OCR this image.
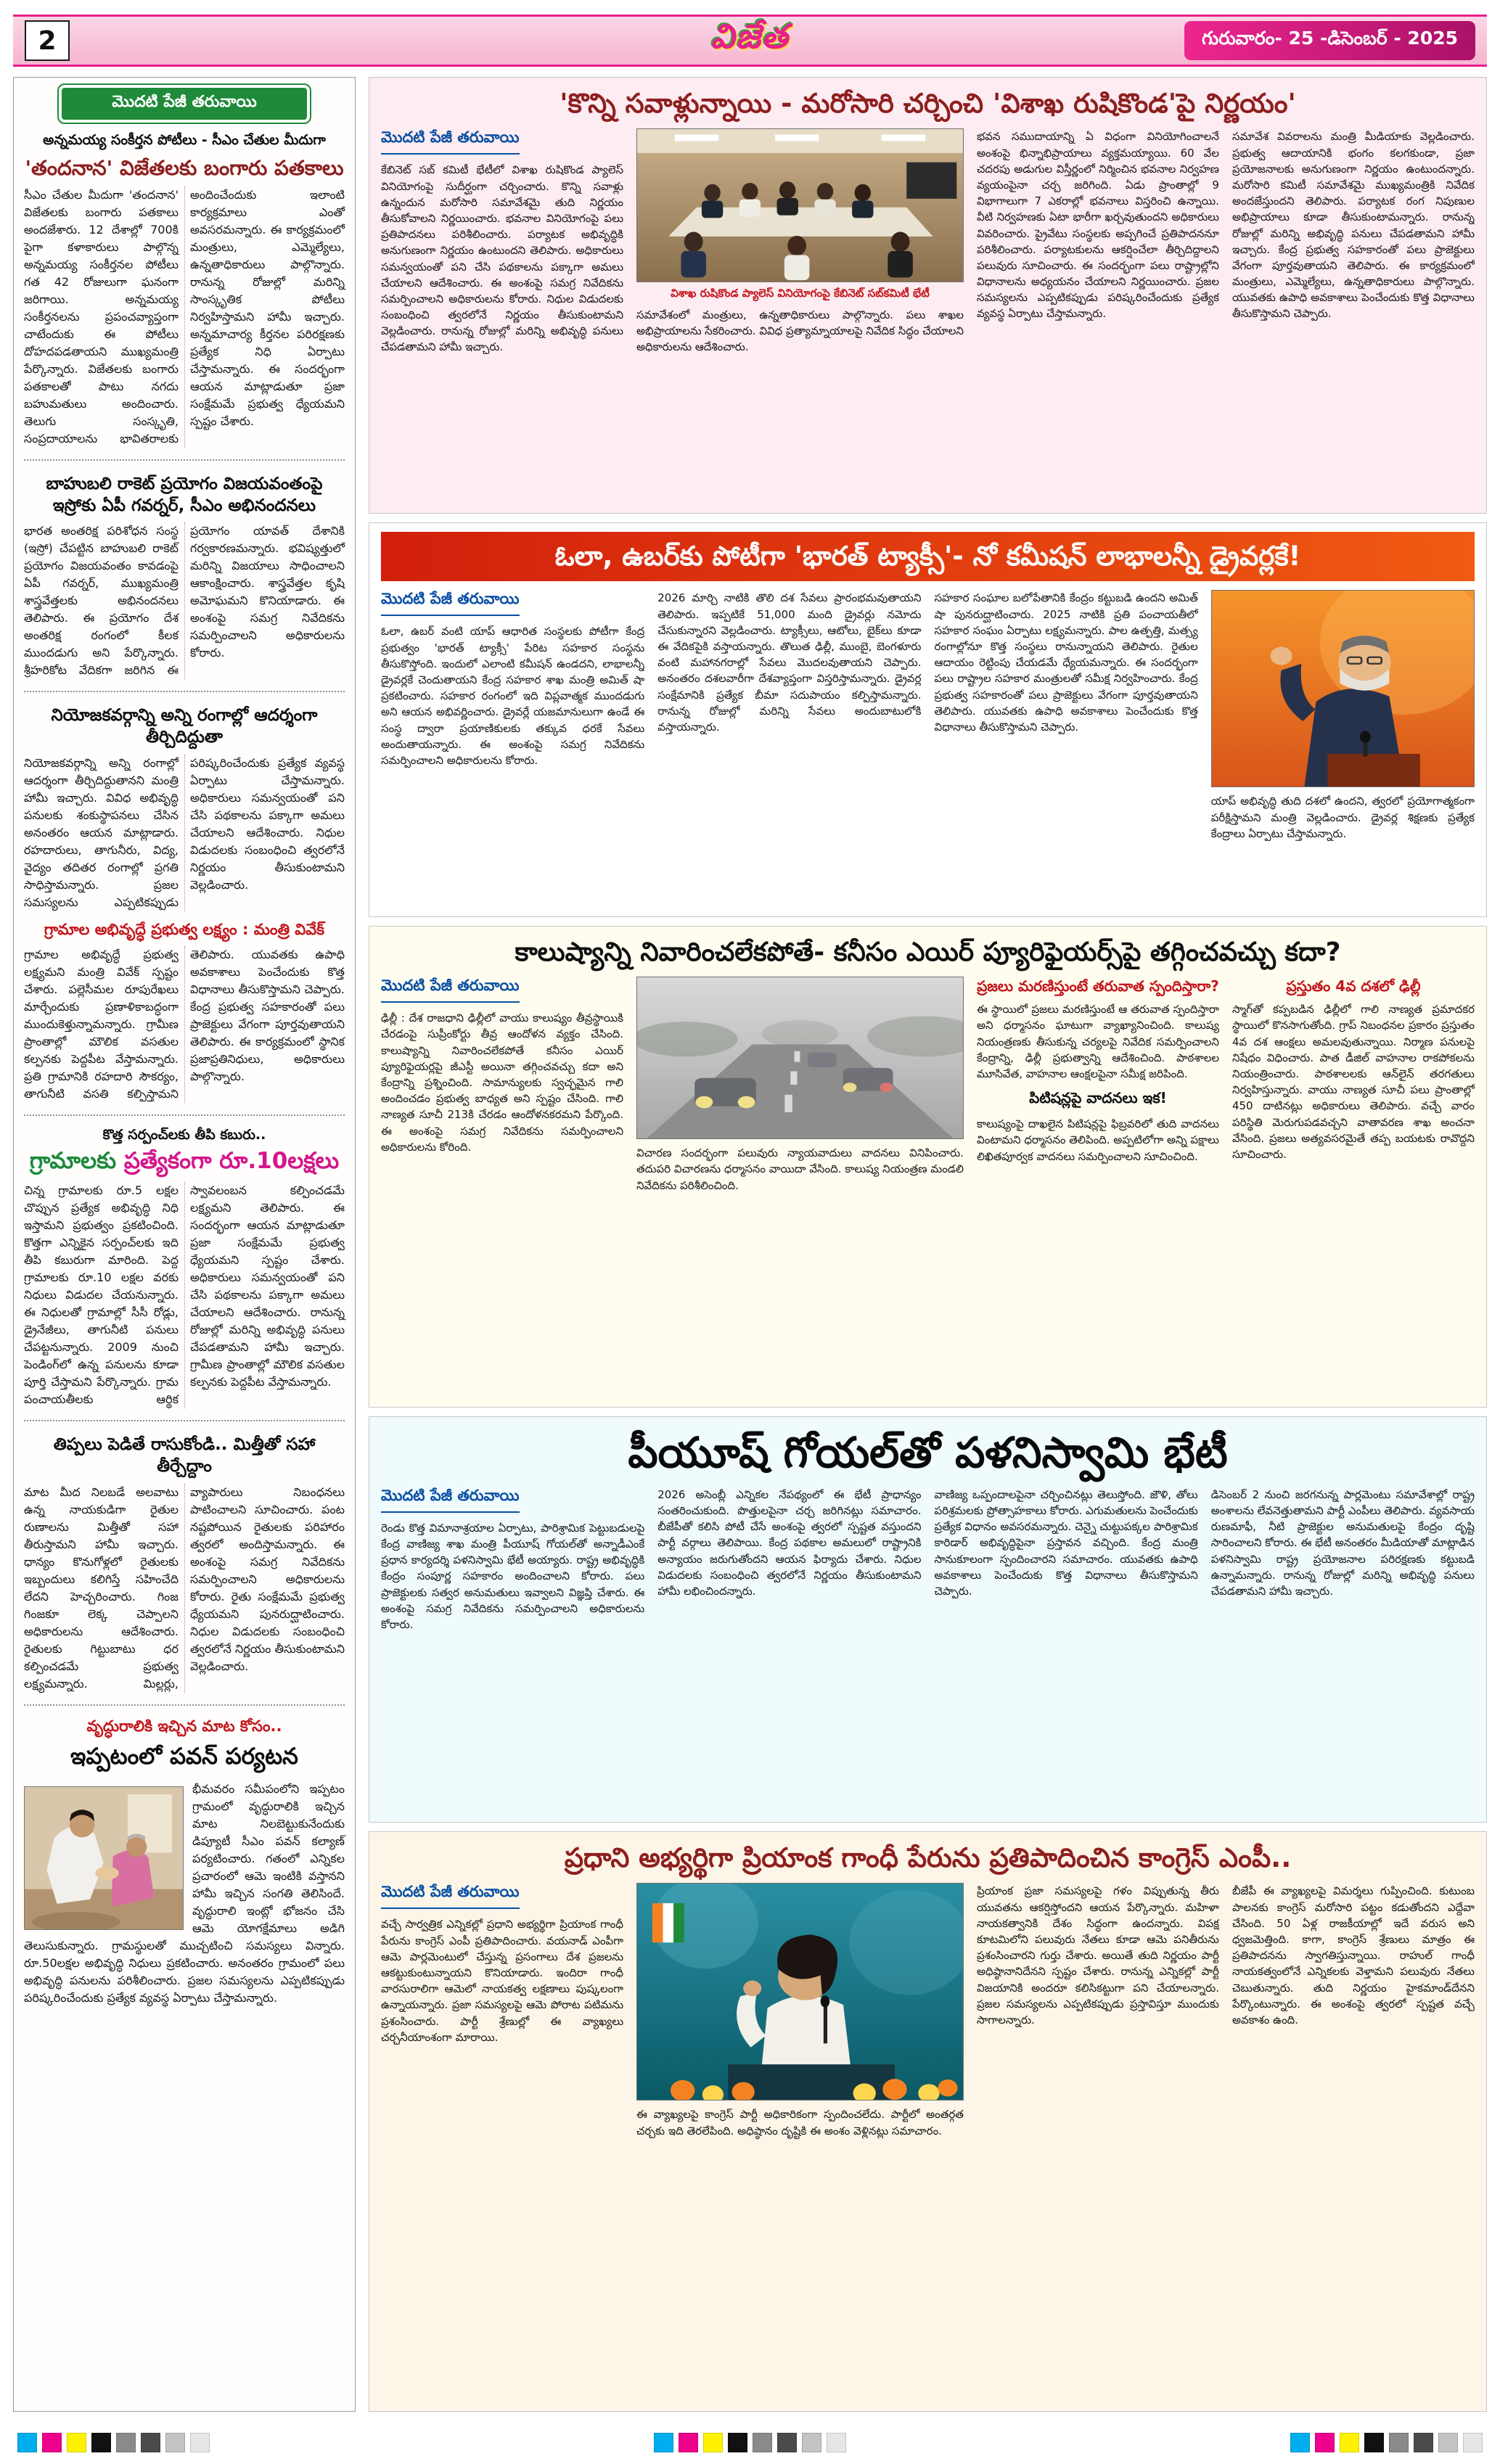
2	విజేత	గురువారం- 25 -డిసెంబర్ - 2025
మొదటి పేజీ తరువాయి
అన్నమయ్య సంకీర్తన పోటీలు - సీఎం చేతుల మీదుగా
'తందనాన' విజేతలకు బంగారు పతకాలు

సీఎం చేతుల మీదుగా 'తందనాన' విజేతలకు బంగారు పతకాలు అందజేశారు. 12 దేశాల్లో 700కి పైగా కళాకారులు పాల్గొన్న అన్నమయ్య సంకీర్తనల పోటీలు గత 42 రోజులుగా ఘనంగా జరిగాయి. అన్నమయ్య సంకీర్తనలను ప్రపంచవ్యాప్తంగా చాటేందుకు ఈ పోటీలు దోహదపడతాయని ముఖ్యమంత్రి పేర్కొన్నారు. విజేతలకు బంగారు పతకాలతో పాటు నగదు బహుమతులు అందించారు. తెలుగు సంస్కృతి, సంప్రదాయాలను భావితరాలకు అందించేందుకు ఇలాంటి కార్యక్రమాలు ఎంతో అవసరమన్నారు. ఈ కార్యక్రమంలో మంత్రులు, ఎమ్మెల్యేలు, ఉన్నతాధికారులు పాల్గొన్నారు. రానున్న రోజుల్లో మరిన్ని సాంస్కృతిక పోటీలు నిర్వహిస్తామని హామీ ఇచ్చారు. అన్నమాచార్య కీర్తనల పరిరక్షణకు ప్రత్యేక నిధి ఏర్పాటు చేస్తామన్నారు. ఈ సందర్భంగా ఆయన మాట్లాడుతూ ప్రజా సంక్షేమమే ప్రభుత్వ ధ్యేయమని స్పష్టం చేశారు.

బాహుబలి రాకెట్ ప్రయోగం విజయవంతంపై ఇస్రోకు ఏపీ గవర్నర్, సీఎం అభినందనలు

భారత అంతరిక్ష పరిశోధన సంస్థ (ఇస్రో) చేపట్టిన బాహుబలి రాకెట్ ప్రయోగం విజయవంతం కావడంపై ఏపీ గవర్నర్, ముఖ్యమంత్రి శాస్త్రవేత్తలకు అభినందనలు తెలిపారు. ఈ ప్రయోగం దేశ అంతరిక్ష రంగంలో కీలక ముందడుగు అని పేర్కొన్నారు. శ్రీహరికోట వేదికగా జరిగిన ఈ ప్రయోగం యావత్ దేశానికి గర్వకారణమన్నారు. భవిష్యత్తులో మరిన్ని విజయాలు సాధించాలని ఆకాంక్షించారు. శాస్త్రవేత్తల కృషి అమోఘమని కొనియాడారు. ఈ అంశంపై సమగ్ర నివేదికను సమర్పించాలని అధికారులను కోరారు.

నియోజకవర్గాన్ని అన్ని రంగాల్లో ఆదర్శంగా తీర్చిదిద్దుతా

నియోజకవర్గాన్ని అన్ని రంగాల్లో ఆదర్శంగా తీర్చిదిద్దుతానని మంత్రి హామీ ఇచ్చారు. వివిధ అభివృద్ధి పనులకు శంకుస్థాపనలు చేసిన అనంతరం ఆయన మాట్లాడారు. రహదారులు, తాగునీరు, విద్య, వైద్యం తదితర రంగాల్లో ప్రగతి సాధిస్తామన్నారు. ప్రజల సమస్యలను ఎప్పటికప్పుడు పరిష్కరించేందుకు ప్రత్యేక వ్యవస్థ ఏర్పాటు చేస్తామన్నారు. అధికారులు సమన్వయంతో పని చేసి పథకాలను పక్కాగా అమలు చేయాలని ఆదేశించారు. నిధుల విడుదలకు సంబంధించి త్వరలోనే నిర్ణయం తీసుకుంటామని వెల్లడించారు.

గ్రామాల అభివృద్ధే ప్రభుత్వ లక్ష్యం : మంత్రి వివేక్

గ్రామాల అభివృద్ధే ప్రభుత్వ లక్ష్యమని మంత్రి వివేక్ స్పష్టం చేశారు. పల్లెసీమల రూపురేఖలు మార్చేందుకు ప్రణాళికాబద్ధంగా ముందుకెళ్తున్నామన్నారు. గ్రామీణ ప్రాంతాల్లో మౌలిక వసతుల కల్పనకు పెద్దపీట వేస్తామన్నారు. ప్రతి గ్రామానికి రహదారి సౌకర్యం, తాగునీటి వసతి కల్పిస్తామని తెలిపారు. యువతకు ఉపాధి అవకాశాలు పెంచేందుకు కొత్త విధానాలు తీసుకొస్తామని చెప్పారు. కేంద్ర ప్రభుత్వ సహకారంతో పలు ప్రాజెక్టులు వేగంగా పూర్తవుతాయని తెలిపారు. ఈ కార్యక్రమంలో స్థానిక ప్రజాప్రతినిధులు, అధికారులు పాల్గొన్నారు.

కొత్త సర్పంచ్‌లకు తీపి కబురు..
గ్రామాలకు ప్రత్యేకంగా రూ.10లక్షలు

చిన్న గ్రామాలకు రూ.5 లక్షల చొప్పున ప్రత్యేక అభివృద్ధి నిధి ఇస్తామని ప్రభుత్వం ప్రకటించింది. కొత్తగా ఎన్నికైన సర్పంచ్‌లకు ఇది తీపి కబురుగా మారింది. పెద్ద గ్రామాలకు రూ.10 లక్షల వరకు నిధులు విడుదల చేయనున్నారు. ఈ నిధులతో గ్రామాల్లో సీసీ రోడ్లు, డ్రైనేజీలు, తాగునీటి పనులు చేపట్టనున్నారు. 2009 నుంచి పెండింగ్‌లో ఉన్న పనులను కూడా పూర్తి చేస్తామని పేర్కొన్నారు. గ్రామ పంచాయతీలకు ఆర్థిక స్వావలంబన కల్పించడమే లక్ష్యమని తెలిపారు. ఈ సందర్భంగా ఆయన మాట్లాడుతూ ప్రజా సంక్షేమమే ప్రభుత్వ ధ్యేయమని స్పష్టం చేశారు. అధికారులు సమన్వయంతో పని చేసి పథకాలను పక్కాగా అమలు చేయాలని ఆదేశించారు. రానున్న రోజుల్లో మరిన్ని అభివృద్ధి పనులు చేపడతామని హామీ ఇచ్చారు. గ్రామీణ ప్రాంతాల్లో మౌలిక వసతుల కల్పనకు పెద్దపీట వేస్తామన్నారు.

తిప్పలు పెడితే రాసుకోండి.. మిత్తీతో సహా తీర్చేద్దాం

మాట మీద నిలబడే అలవాటు ఉన్న నాయకుడిగా రైతుల రుణాలను మిత్తీతో సహా తీరుస్తామని హామీ ఇచ్చారు. ధాన్యం కొనుగోళ్లలో రైతులకు ఇబ్బందులు కలిగిస్తే సహించేది లేదని హెచ్చరించారు. గింజ గింజకూ లెక్క చెప్పాలని అధికారులను ఆదేశించారు. రైతులకు గిట్టుబాటు ధర కల్పించడమే ప్రభుత్వ లక్ష్యమన్నారు. మిల్లర్లు, వ్యాపారులు నిబంధనలు పాటించాలని సూచించారు. పంట నష్టపోయిన రైతులకు పరిహారం త్వరలో అందిస్తామన్నారు. ఈ అంశంపై సమగ్ర నివేదికను సమర్పించాలని అధికారులను కోరారు. రైతు సంక్షేమమే ప్రభుత్వ ధ్యేయమని పునరుద్ఘాటించారు. నిధుల విడుదలకు సంబంధించి త్వరలోనే నిర్ణయం తీసుకుంటామని వెల్లడించారు.

వృద్ధురాలికి ఇచ్చిన మాట కోసం..
ఇప్పటంలో పవన్ పర్యటన

భీమవరం సమీపంలోని ఇప్పటం గ్రామంలో వృద్ధురాలికి ఇచ్చిన మాట నిలబెట్టుకునేందుకు డిప్యూటీ సీఎం పవన్ కల్యాణ్ పర్యటించారు. గతంలో ఎన్నికల ప్రచారంలో ఆమె ఇంటికి వస్తానని హామీ ఇచ్చిన సంగతి తెలిసిందే. వృద్ధురాలి ఇంట్లో భోజనం చేసి ఆమె యోగక్షేమాలు అడిగి తెలుసుకున్నారు. గ్రామస్థులతో ముచ్చటించి సమస్యలు విన్నారు. రూ.50లక్షల అభివృద్ధి నిధులు ప్రకటించారు. అనంతరం గ్రామంలో పలు అభివృద్ధి పనులను పరిశీలించారు. ప్రజల సమస్యలను ఎప్పటికప్పుడు పరిష్కరించేందుకు ప్రత్యేక వ్యవస్థ ఏర్పాటు చేస్తామన్నారు.

'కొన్ని సవాళ్లున్నాయి - మరోసారి చర్చించి 'విశాఖ రుషికొండ'పై నిర్ణయం'
మొదటి పేజీ తరువాయి

కేబినెట్ సబ్ కమిటీ భేటీలో విశాఖ రుషికొండ ప్యాలెస్ వినియోగంపై సుదీర్ఘంగా చర్చించారు. కొన్ని సవాళ్లు ఉన్నందున మరోసారి సమావేశమై తుది నిర్ణయం తీసుకోవాలని నిర్ణయించారు. భవనాల వినియోగంపై పలు ప్రతిపాదనలు పరిశీలించారు. పర్యాటక అభివృద్ధికి అనుగుణంగా నిర్ణయం ఉంటుందని తెలిపారు. అధికారులు సమన్వయంతో పని చేసి పథకాలను పక్కాగా అమలు చేయాలని ఆదేశించారు. ఈ అంశంపై సమగ్ర నివేదికను సమర్పించాలని అధికారులను కోరారు. నిధుల విడుదలకు సంబంధించి త్వరలోనే నిర్ణయం తీసుకుంటామని వెల్లడించారు. రానున్న రోజుల్లో మరిన్ని అభివృద్ధి పనులు చేపడతామని హామీ ఇచ్చారు.

విశాఖ రుషికొండ ప్యాలెస్ వినియోగంపై కేబినెట్ సబ్‌కమిటీ భేటీ

సమావేశంలో మంత్రులు, ఉన్నతాధికారులు పాల్గొన్నారు. పలు శాఖల అభిప్రాయాలను సేకరించారు. వివిధ ప్రత్యామ్నాయాలపై నివేదిక సిద్ధం చేయాలని అధికారులను ఆదేశించారు.

భవన సముదాయాన్ని ఏ విధంగా వినియోగించాలనే అంశంపై భిన్నాభిప్రాయాలు వ్యక్తమయ్యాయి. 60 వేల చదరపు అడుగుల విస్తీర్ణంలో నిర్మించిన భవనాల నిర్వహణ వ్యయంపైనా చర్చ జరిగింది. ఏడు ప్రాంతాల్లో 9 విభాగాలుగా 7 ఎకరాల్లో భవనాలు విస్తరించి ఉన్నాయి. వీటి నిర్వహణకు ఏటా భారీగా ఖర్చవుతుందని అధికారులు వివరించారు. ప్రైవేటు సంస్థలకు అప్పగించే ప్రతిపాదననూ పరిశీలించారు. పర్యాటకులను ఆకర్షించేలా తీర్చిదిద్దాలని పలువురు సూచించారు. ఈ సందర్భంగా పలు రాష్ట్రాల్లోని విధానాలను అధ్యయనం చేయాలని నిర్ణయించారు. ప్రజల సమస్యలను ఎప్పటికప్పుడు పరిష్కరించేందుకు ప్రత్యేక వ్యవస్థ ఏర్పాటు చేస్తామన్నారు.

సమావేశ వివరాలను మంత్రి మీడియాకు వెల్లడించారు. ప్రభుత్వ ఆదాయానికి భంగం కలగకుండా, ప్రజా ప్రయోజనాలకు అనుగుణంగా నిర్ణయం ఉంటుందన్నారు. మరోసారి కమిటీ సమావేశమై ముఖ్యమంత్రికి నివేదిక అందజేస్తుందని తెలిపారు. పర్యాటక రంగ నిపుణుల అభిప్రాయాలు కూడా తీసుకుంటామన్నారు. రానున్న రోజుల్లో మరిన్ని అభివృద్ధి పనులు చేపడతామని హామీ ఇచ్చారు. కేంద్ర ప్రభుత్వ సహకారంతో పలు ప్రాజెక్టులు వేగంగా పూర్తవుతాయని తెలిపారు. ఈ కార్యక్రమంలో మంత్రులు, ఎమ్మెల్యేలు, ఉన్నతాధికారులు పాల్గొన్నారు. యువతకు ఉపాధి అవకాశాలు పెంచేందుకు కొత్త విధానాలు తీసుకొస్తామని చెప్పారు.

ఓలా, ఉబర్‌కు పోటీగా 'భారత్ ట్యాక్సీ'- నో కమీషన్ లాభాలన్నీ డ్రైవర్లకే!
మొదటి పేజీ తరువాయి

ఓలా, ఉబర్ వంటి యాప్ ఆధారిత సంస్థలకు పోటీగా కేంద్ర ప్రభుత్వం 'భారత్ ట్యాక్సీ' పేరిట సహకార సంస్థను తీసుకొస్తోంది. ఇందులో ఎలాంటి కమీషన్ ఉండదని, లాభాలన్నీ డ్రైవర్లకే చెందుతాయని కేంద్ర సహకార శాఖ మంత్రి అమిత్ షా ప్రకటించారు. సహకార రంగంలో ఇది విప్లవాత్మక ముందడుగు అని ఆయన అభివర్ణించారు. డ్రైవర్లే యజమానులుగా ఉండే ఈ సంస్థ ద్వారా ప్రయాణికులకు తక్కువ ధరకే సేవలు అందుతాయన్నారు. ఈ అంశంపై సమగ్ర నివేదికను సమర్పించాలని అధికారులను కోరారు.

2026 మార్చి నాటికి తొలి దశ సేవలు ప్రారంభమవుతాయని తెలిపారు. ఇప్పటికే 51,000 మంది డ్రైవర్లు నమోదు చేసుకున్నారని వెల్లడించారు. ట్యాక్సీలు, ఆటోలు, బైక్‌లు కూడా ఈ వేదికపైకి వస్తాయన్నారు. తొలుత ఢిల్లీ, ముంబై, బెంగళూరు వంటి మహానగరాల్లో సేవలు మొదలవుతాయని చెప్పారు. అనంతరం దశలవారీగా దేశవ్యాప్తంగా విస్తరిస్తామన్నారు. డ్రైవర్ల సంక్షేమానికి ప్రత్యేక బీమా సదుపాయం కల్పిస్తామన్నారు. రానున్న రోజుల్లో మరిన్ని సేవలు అందుబాటులోకి వస్తాయన్నారు.

సహకార సంఘాల బలోపేతానికి కేంద్రం కట్టుబడి ఉందని అమిత్ షా పునరుద్ఘాటించారు. 2025 నాటికి ప్రతి పంచాయతీలో సహకార సంఘం ఏర్పాటు లక్ష్యమన్నారు. పాల ఉత్పత్తి, మత్స్య రంగాల్లోనూ కొత్త సంస్థలు రానున్నాయని తెలిపారు. రైతుల ఆదాయం రెట్టింపు చేయడమే ధ్యేయమన్నారు. ఈ సందర్భంగా పలు రాష్ట్రాల సహకార మంత్రులతో సమీక్ష నిర్వహించారు. కేంద్ర ప్రభుత్వ సహకారంతో పలు ప్రాజెక్టులు వేగంగా పూర్తవుతాయని తెలిపారు. యువతకు ఉపాధి అవకాశాలు పెంచేందుకు కొత్త విధానాలు తీసుకొస్తామని చెప్పారు.

యాప్ అభివృద్ధి తుది దశలో ఉందని, త్వరలో ప్రయోగాత్మకంగా పరీక్షిస్తామని మంత్రి వెల్లడించారు. డ్రైవర్ల శిక్షణకు ప్రత్యేక కేంద్రాలు ఏర్పాటు చేస్తామన్నారు.

కాలుష్యాన్ని నివారించలేకపోతే- కనీసం ఎయిర్ ప్యూరిఫైయర్స్‌పై తగ్గించవచ్చు కదా?
మొదటి పేజీ తరువాయి

ఢిల్లీ : దేశ రాజధాని ఢిల్లీలో వాయు కాలుష్యం తీవ్రస్థాయికి చేరడంపై సుప్రీంకోర్టు తీవ్ర ఆందోళన వ్యక్తం చేసింది. కాలుష్యాన్ని నివారించలేకపోతే కనీసం ఎయిర్ ప్యూరిఫైయర్లపై జీఎస్టీ అయినా తగ్గించవచ్చు కదా అని కేంద్రాన్ని ప్రశ్నించింది. సామాన్యులకు స్వచ్ఛమైన గాలి అందించడం ప్రభుత్వ బాధ్యత అని స్పష్టం చేసింది. గాలి నాణ్యత సూచీ 213కి చేరడం ఆందోళనకరమని పేర్కొంది. ఈ అంశంపై సమగ్ర నివేదికను సమర్పించాలని అధికారులను కోరింది.	విచారణ సందర్భంగా పలువురు న్యాయవాదులు వాదనలు వినిపించారు. తదుపరి విచారణను ధర్మాసనం వాయిదా వేసింది. కాలుష్య నియంత్రణ మండలి నివేదికను పరిశీలించింది.

ప్రజలు మరణిస్తుంటే తరువాత స్పందిస్తారా?

ఈ స్థాయిలో ప్రజలు మరణిస్తుంటే ఆ తరువాత స్పందిస్తారా అని ధర్మాసనం ఘాటుగా వ్యాఖ్యానించింది. కాలుష్య నియంత్రణకు తీసుకున్న చర్యలపై నివేదిక సమర్పించాలని కేంద్రాన్ని, ఢిల్లీ ప్రభుత్వాన్ని ఆదేశించింది. పాఠశాలల మూసివేత, వాహనాల ఆంక్షలపైనా సమీక్ష జరిపింది.

పిటిషన్లపై వాదనలు ఇక!

కాలుష్యంపై దాఖలైన పిటిషన్లపై ఫిబ్రవరిలో తుది వాదనలు వింటామని ధర్మాసనం తెలిపింది. అప్పటిలోగా అన్ని పక్షాలు లిఖితపూర్వక వాదనలు సమర్పించాలని సూచించింది.

ప్రస్తుతం 4వ దశలో ఢిల్లీ

స్మాగ్‌తో కప్పబడిన ఢిల్లీలో గాలి నాణ్యత ప్రమాదకర స్థాయిలో కొనసాగుతోంది. గ్రాప్ నిబంధనల ప్రకారం ప్రస్తుతం 4వ దశ ఆంక్షలు అమలవుతున్నాయి. నిర్మాణ పనులపై నిషేధం విధించారు. పాత డీజిల్ వాహనాల రాకపోకలను నియంత్రించారు. పాఠశాలలకు ఆన్‌లైన్ తరగతులు నిర్వహిస్తున్నారు. వాయు నాణ్యత సూచీ పలు ప్రాంతాల్లో 450 దాటినట్లు అధికారులు తెలిపారు. వచ్చే వారం పరిస్థితి మెరుగుపడవచ్చని వాతావరణ శాఖ అంచనా వేసింది. ప్రజలు అత్యవసరమైతే తప్ప బయటకు రావొద్దని సూచించారు.

పీయూష్ గోయల్‌తో పళనిస్వామి భేటీ
మొదటి పేజీ తరువాయి

రెండు కొత్త విమానాశ్రయాల ఏర్పాటు, పారిశ్రామిక పెట్టుబడులపై కేంద్ర వాణిజ్య శాఖ మంత్రి పీయూష్ గోయల్‌తో అన్నాడీఎంకే ప్రధాన కార్యదర్శి పళనిస్వామి భేటీ అయ్యారు. రాష్ట్ర అభివృద్ధికి కేంద్రం సంపూర్ణ సహకారం అందించాలని కోరారు. పలు ప్రాజెక్టులకు సత్వర అనుమతులు ఇవ్వాలని విజ్ఞప్తి చేశారు. ఈ అంశంపై సమగ్ర నివేదికను సమర్పించాలని అధికారులను కోరారు.

2026 అసెంబ్లీ ఎన్నికల నేపథ్యంలో ఈ భేటీ ప్రాధాన్యం సంతరించుకుంది. పొత్తులపైనా చర్చ జరిగినట్లు సమాచారం. బీజేపీతో కలిసి పోటీ చేసే అంశంపై త్వరలో స్పష్టత వస్తుందని పార్టీ వర్గాలు తెలిపాయి. కేంద్ర పథకాల అమలులో రాష్ట్రానికి అన్యాయం జరుగుతోందని ఆయన ఫిర్యాదు చేశారు. నిధుల విడుదలకు సంబంధించి త్వరలోనే నిర్ణయం తీసుకుంటామని హామీ లభించిందన్నారు.

వాణిజ్య ఒప్పందాలపైనా చర్చించినట్లు తెలుస్తోంది. జౌళి, తోలు పరిశ్రమలకు ప్రోత్సాహకాలు కోరారు. ఎగుమతులను పెంచేందుకు ప్రత్యేక విధానం అవసరమన్నారు. చెన్నై చుట్టుపక్కల పారిశ్రామిక కారిడార్ అభివృద్ధిపైనా ప్రస్తావన వచ్చింది. కేంద్ర మంత్రి సానుకూలంగా స్పందించారని సమాచారం. యువతకు ఉపాధి అవకాశాలు పెంచేందుకు కొత్త విధానాలు తీసుకొస్తామని చెప్పారు.

డిసెంబర్ 2 నుంచి జరగనున్న పార్లమెంటు సమావేశాల్లో రాష్ట్ర అంశాలను లేవనెత్తుతామని పార్టీ ఎంపీలు తెలిపారు. వ్యవసాయ రుణమాఫీ, నీటి ప్రాజెక్టుల అనుమతులపై కేంద్రం దృష్టి సారించాలని కోరారు. ఈ భేటీ అనంతరం మీడియాతో మాట్లాడిన పళనిస్వామి రాష్ట్ర ప్రయోజనాల పరిరక్షణకు కట్టుబడి ఉన్నామన్నారు. రానున్న రోజుల్లో మరిన్ని అభివృద్ధి పనులు చేపడతామని హామీ ఇచ్చారు.

ప్రధాని అభ్యర్థిగా ప్రియాంక గాంధీ పేరును ప్రతిపాదించిన కాంగ్రెస్ ఎంపీ..
మొదటి పేజీ తరువాయి

వచ్చే సార్వత్రిక ఎన్నికల్లో ప్రధాని అభ్యర్థిగా ప్రియాంక గాంధీ పేరును కాంగ్రెస్ ఎంపీ ప్రతిపాదించారు. వయనాడ్ ఎంపీగా ఆమె పార్లమెంటులో చేస్తున్న ప్రసంగాలు దేశ ప్రజలను ఆకట్టుకుంటున్నాయని కొనియాడారు. ఇందిరా గాంధీ వారసురాలిగా ఆమెలో నాయకత్వ లక్షణాలు పుష్కలంగా ఉన్నాయన్నారు. ప్రజా సమస్యలపై ఆమె పోరాట పటిమను ప్రశంసించారు. పార్టీ శ్రేణుల్లో ఈ వ్యాఖ్యలు చర్చనీయాంశంగా మారాయి.

ఈ వ్యాఖ్యలపై కాంగ్రెస్ పార్టీ అధికారికంగా స్పందించలేదు. పార్టీలో అంతర్గత చర్చకు ఇది తెరలేపింది. అధిష్ఠానం దృష్టికి ఈ అంశం వెళ్లినట్లు సమాచారం.

ప్రియాంక ప్రజా సమస్యలపై గళం విప్పుతున్న తీరు యువతను ఆకర్షిస్తోందని ఆయన పేర్కొన్నారు. మహిళా నాయకత్వానికి దేశం సిద్ధంగా ఉందన్నారు. విపక్ష కూటమిలోని పలువురు నేతలు కూడా ఆమె పనితీరును ప్రశంసించారని గుర్తు చేశారు. అయితే తుది నిర్ణయం పార్టీ అధిష్ఠానానిదేనని స్పష్టం చేశారు. రానున్న ఎన్నికల్లో పార్టీ విజయానికి అందరూ కలిసికట్టుగా పని చేయాలన్నారు. ప్రజల సమస్యలను ఎప్పటికప్పుడు ప్రస్తావిస్తూ ముందుకు సాగాలన్నారు.

బీజేపీ ఈ వ్యాఖ్యలపై విమర్శలు గుప్పించింది. కుటుంబ పాలనకు కాంగ్రెస్ మరోసారి పట్టం కడుతోందని ఎద్దేవా చేసింది. 50 ఏళ్ల రాజకీయాల్లో ఇదే వరుస అని ధ్వజమెత్తింది. కాగా, కాంగ్రెస్ శ్రేణులు మాత్రం ఈ ప్రతిపాదనను స్వాగతిస్తున్నాయి. రాహుల్ గాంధీ నాయకత్వంలోనే ఎన్నికలకు వెళ్తామని పలువురు నేతలు చెబుతున్నారు. తుది నిర్ణయం హైకమాండ్‌దేనని పేర్కొంటున్నారు. ఈ అంశంపై త్వరలో స్పష్టత వచ్చే అవకాశం ఉంది.
